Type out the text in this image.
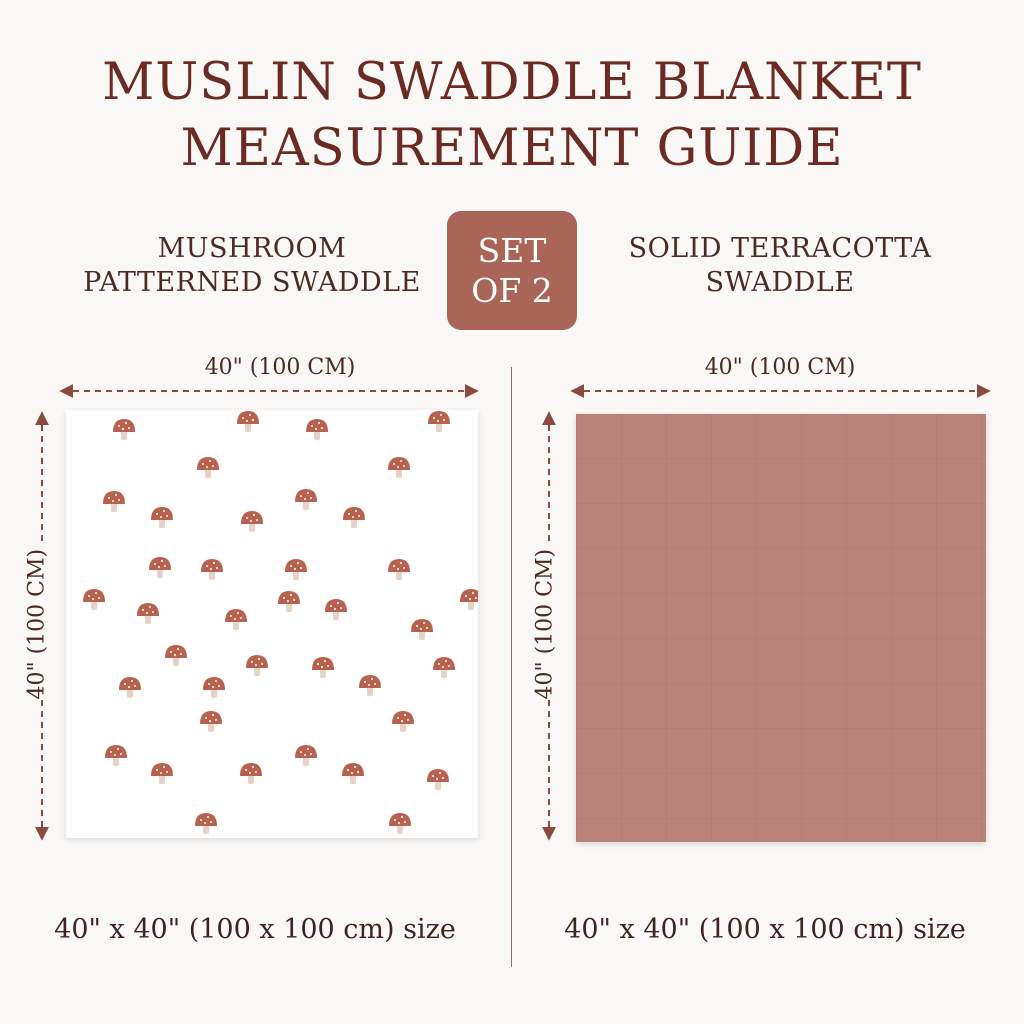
MUSLIN SWADDLE BLANKET
MEASUREMENT GUIDE
MUSHROOM
PATTERNED SWADDLE
SET
OF 2
SOLID TERRACOTTA
SWADDLE
40" (100 CM)
40" (100 CM)
40" (100 CM)
40" (100 CM)
40" x 40" (100 x 100 cm) size	40" x 40" (100 x 100 cm) size
